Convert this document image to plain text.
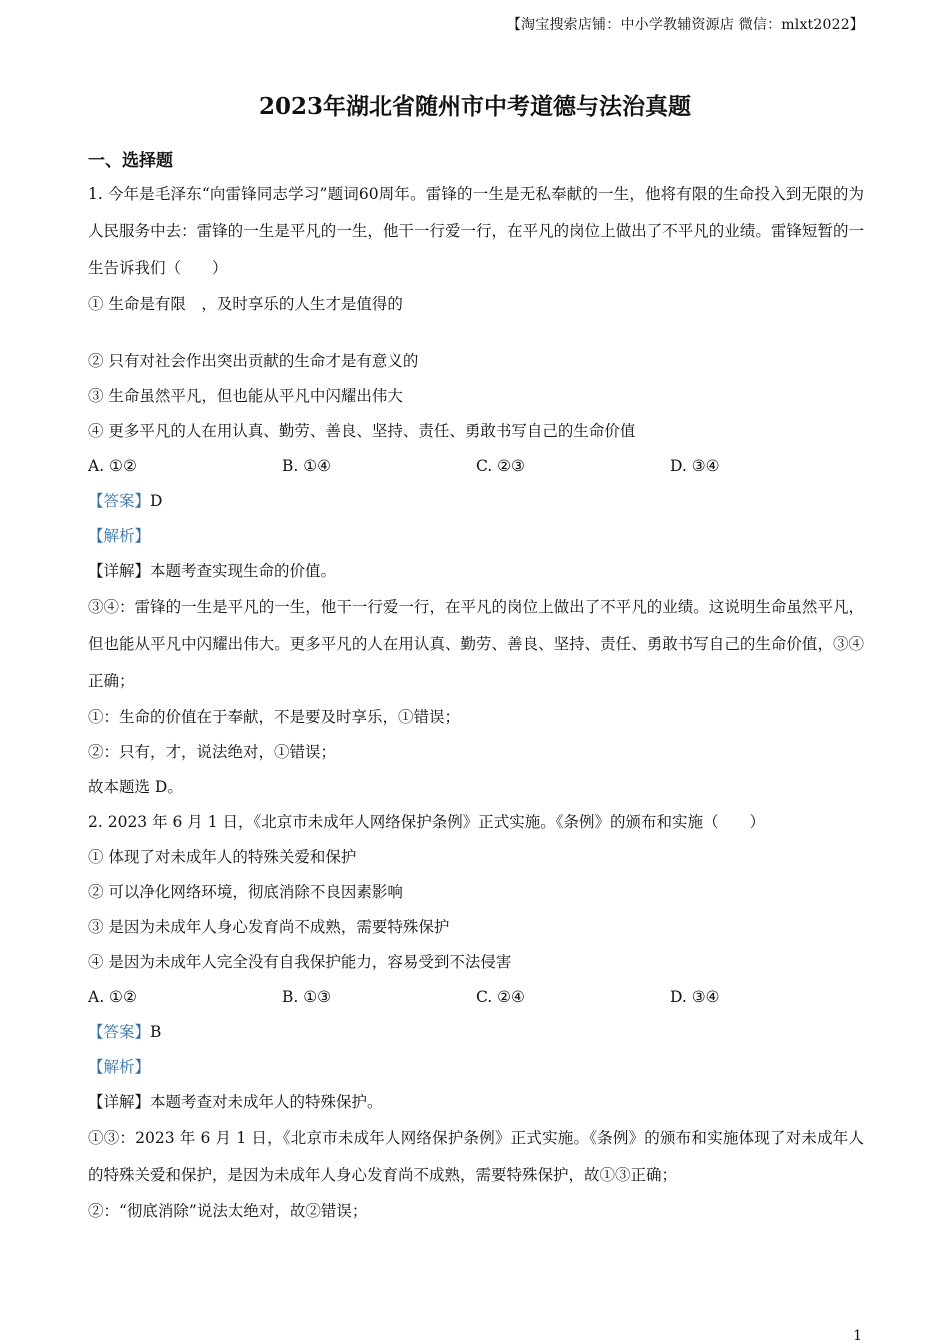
【淘宝搜索店铺：中小学教辅资源店 微信：mlxt2022】
2023年湖北省随州市中考道德与法治真题
一、选择题
1. 今年是毛泽东“向雷锋同志学习”题词60周年。雷锋的一生是无私奉献的一生，他将有限的生命投入到无限的为人民服务中去：雷锋的一生是平凡的一生，他干一行爱一行，在平凡的岗位上做出了不平凡的业绩。雷锋短暂的一生告诉我们（　　）
① 生命是有限　，及时享乐的人生才是值得的
② 只有对社会作出突出贡献的生命才是有意义的
③ 生命虽然平凡，但也能从平凡中闪耀出伟大
④ 更多平凡的人在用认真、勤劳、善良、坚持、责任、勇敢书写自己的生命价值
A. ①②	B. ①④	C. ②③	D. ③④
【答案】D
【解析】
【详解】本题考查实现生命的价值。
③④：雷锋的一生是平凡的一生，他干一行爱一行，在平凡的岗位上做出了不平凡的业绩。这说明生命虽然平凡，但也能从平凡中闪耀出伟大。更多平凡的人在用认真、勤劳、善良、坚持、责任、勇敢书写自己的生命价值，③④正确；
①：生命的价值在于奉献，不是要及时享乐，①错误；
②：只有，才，说法绝对，①错误；
故本题选 D。
2. 2023 年 6 月 1 日，《北京市未成年人网络保护条例》正式实施。《条例》的颁布和实施（　　）
① 体现了对未成年人的特殊关爱和保护
② 可以净化网络环境，彻底消除不良因素影响
③ 是因为未成年人身心发育尚不成熟，需要特殊保护
④ 是因为未成年人完全没有自我保护能力，容易受到不法侵害
A. ①②	B. ①③	C. ②④	D. ③④
【答案】B
【解析】
【详解】本题考查对未成年人的特殊保护。
①③：2023 年 6 月 1 日，《北京市未成年人网络保护条例》正式实施。《条例》的颁布和实施体现了对未成年人的特殊关爱和保护，是因为未成年人身心发育尚不成熟，需要特殊保护，故①③正确；
②：“彻底消除”说法太绝对，故②错误；
1
